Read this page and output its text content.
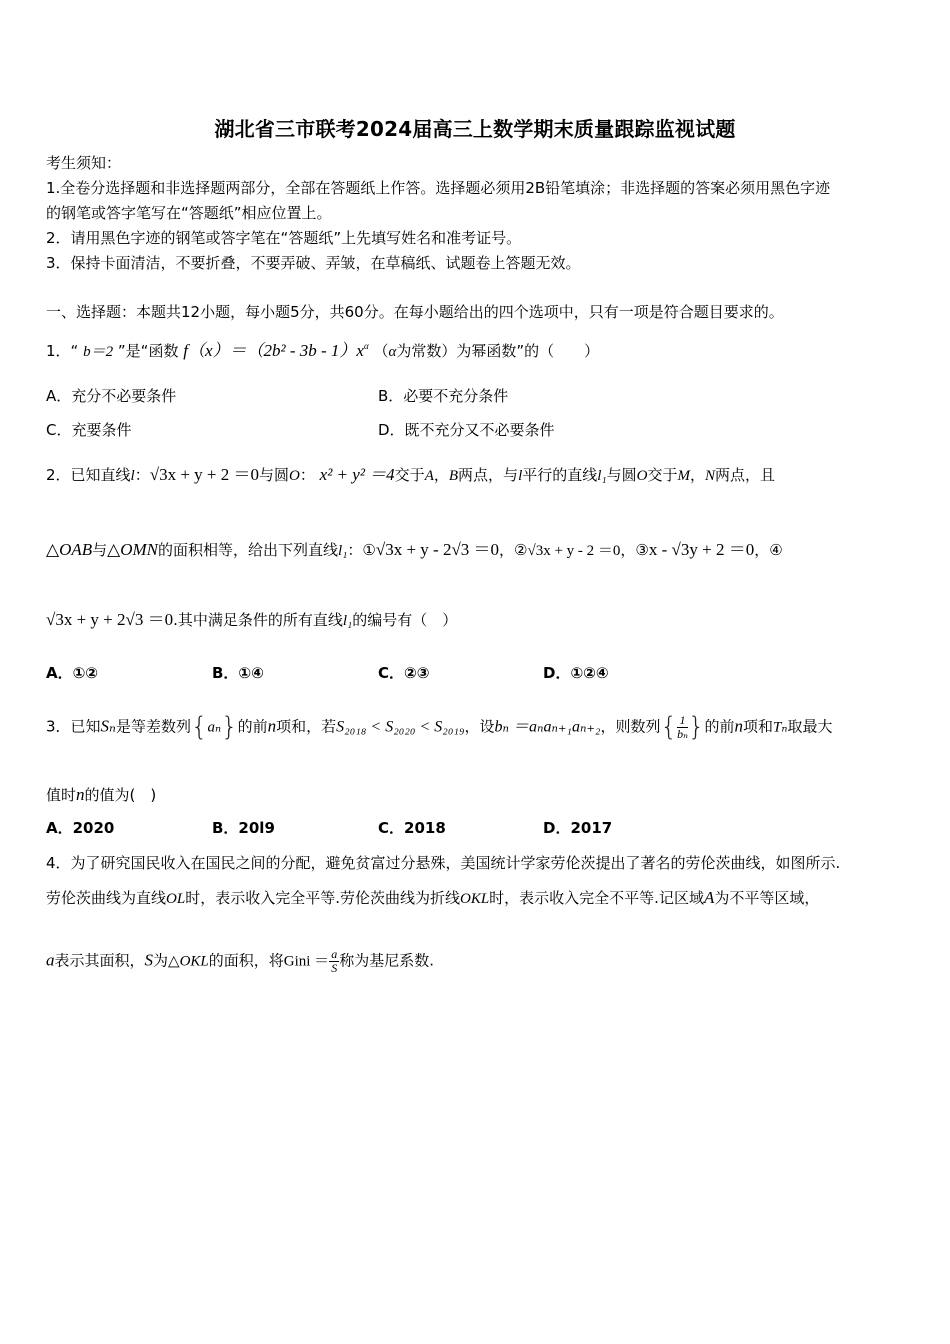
湖北省三市联考2024届高三上数学期末质量跟踪监视试题
考生须知：
1.全卷分选择题和非选择题两部分，全部在答题纸上作答。选择题必须用2B铅笔填涂；非选择题的答案必须用黑色字迹
的钢笔或答字笔写在“答题纸”相应位置上。
2．请用黑色字迹的钢笔或答字笔在“答题纸”上先填写姓名和准考证号。
3．保持卡面清洁，不要折叠，不要弄破、弄皱，在草稿纸、试题卷上答题无效。
一、选择题：本题共12小题，每小题5分，共60分。在每小题给出的四个选项中，只有一项是符合题目要求的。
1．“ b＝2 ”是“函数 $f(x)=(2b^2 - 3b - 1)x^\alpha$ （α为常数）为幂函数”的（　　）
A．充分不必要条件	B．必要不充分条件
C．充要条件	D．既不充分又不必要条件
2．已知直线l：√3x + y + 2 ＝0与圆O： x² + y² ＝4交于A，B两点，与l平行的直线l₁与圆O交于M，N两点，且
△OAB与△OMN的面积相等，给出下列直线l₁：①√3x + y - 2√3 ＝0，②√3x + y - 2 ＝0，③x - √3y + 2 ＝0，④
√3x + y + 2√3 ＝0.其中满足条件的所有直线l₁的编号有（　）
A．①②	B．①④	C．②③	D．①②④
3．已知Sₙ是等差数列{aₙ}的前n项和，若S₂₀₁₈ < S₂₀₂₀ < S₂₀₁₉，设bₙ ＝aₙaₙ₊₁aₙ₊₂，则数列{ $\frac{1}{\text{bₙ}}$ }的前n项和Tₙ取最大
值时n的值为(　)
A．2020	B．20l9	C．2018	D．2017
4．为了研究国民收入在国民之间的分配，避免贫富过分悬殊，美国统计学家劳伦茨提出了著名的劳伦茨曲线，如图所示.
劳伦茨曲线为直线OL时，表示收入完全平等.劳伦茨曲线为折线OKL时，表示收入完全不平等.记区域A为不平等区域，
a表示其面积，S为△OKL的面积，将Gini ＝ $\frac{a}{S}$ 称为基尼系数.
